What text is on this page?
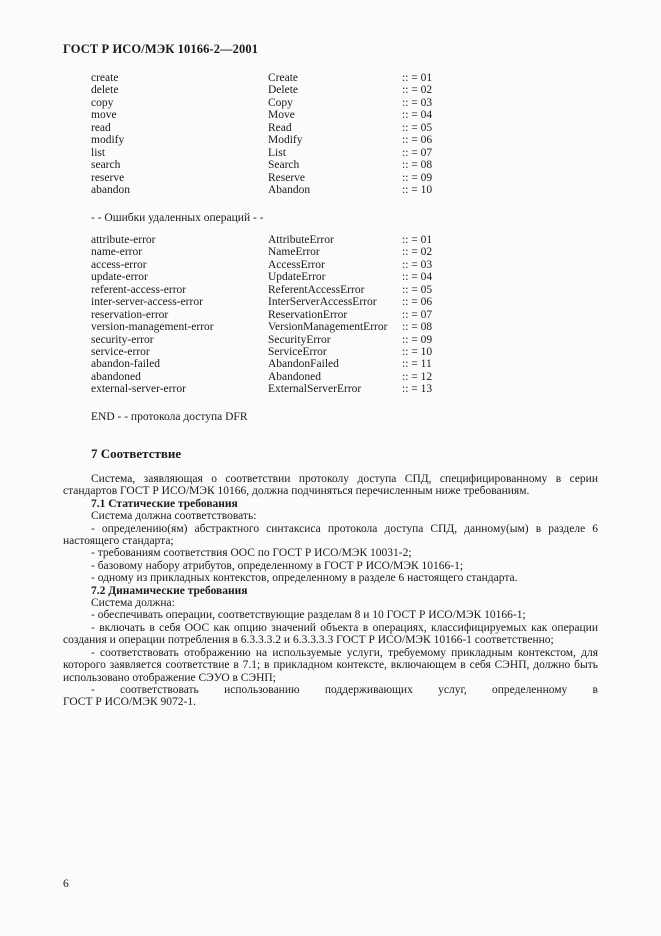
ГОСТ Р ИСО/МЭК 10166-2—2001
create	Create	:: = 01
delete	Delete	:: = 02
copy	Copy	:: = 03
move	Move	:: = 04
read	Read	:: = 05
modify	Modify	:: = 06
list	List	:: = 07
search	Search	:: = 08
reserve	Reserve	:: = 09
abandon	Abandon	:: = 10
- - Ошибки удаленных операций - -
attribute-error	AttributeError	:: = 01
name-error	NameError	:: = 02
access-error	AccessError	:: = 03
update-error	UpdateError	:: = 04
referent-access-error	ReferentAccessError	:: = 05
inter-server-access-error	InterServerAccessError :: = 06
reservation-error	ReservationError	:: = 07
version-management-error	VersionManagementError :: = 08
security-error	SecurityError	:: = 09
service-error	ServiceError	:: = 10
abandon-failed	AbandonFailed	:: = 11
abandoned	Abandoned	:: = 12
external-server-error	ExternalServerError	:: = 13
END - - протокола доступа DFR
7 Соответствие

Система, заявляющая о соответствии протоколу доступа СПД, специфицированному в серии стандартов ГОСТ Р ИСО/МЭК 10166, должна подчиняться перечисленным ниже требованиям.

7.1 Статические требования

Система должна соответствовать:

- определению(ям) абстрактного синтаксиса протокола доступа СПД, данному(ым) в разделе 6 настоящего стандарта;

- требованиям соответствия ООС по ГОСТ Р ИСО/МЭК 10031-2;

- базовому набору атрибутов, определенному в ГОСТ Р ИСО/МЭК 10166-1;

- одному из прикладных контекстов, определенному в разделе 6 настоящего стандарта.

7.2 Динамические требования

Система должна:

- обеспечивать операции, соответствующие разделам 8 и 10 ГОСТ Р ИСО/МЭК 10166-1;

- включать в себя ООС как опцию значений объекта в операциях, классифицируемых как операции создания и операции потребления в 6.3.3.3.2 и 6.3.3.3.3 ГОСТ Р ИСО/МЭК 10166-1 соответственно;

- соответствовать отображению на используемые услуги, требуемому прикладным контекстом, для которого заявляется соответствие в 7.1; в прикладном контексте, включающем в себя СЭНП, должно быть использовано отображение СЭУО в СЭНП;

- соответствовать использованию поддерживающих услуг, определенному в

ГОСТ Р ИСО/МЭК 9072-1.

6
